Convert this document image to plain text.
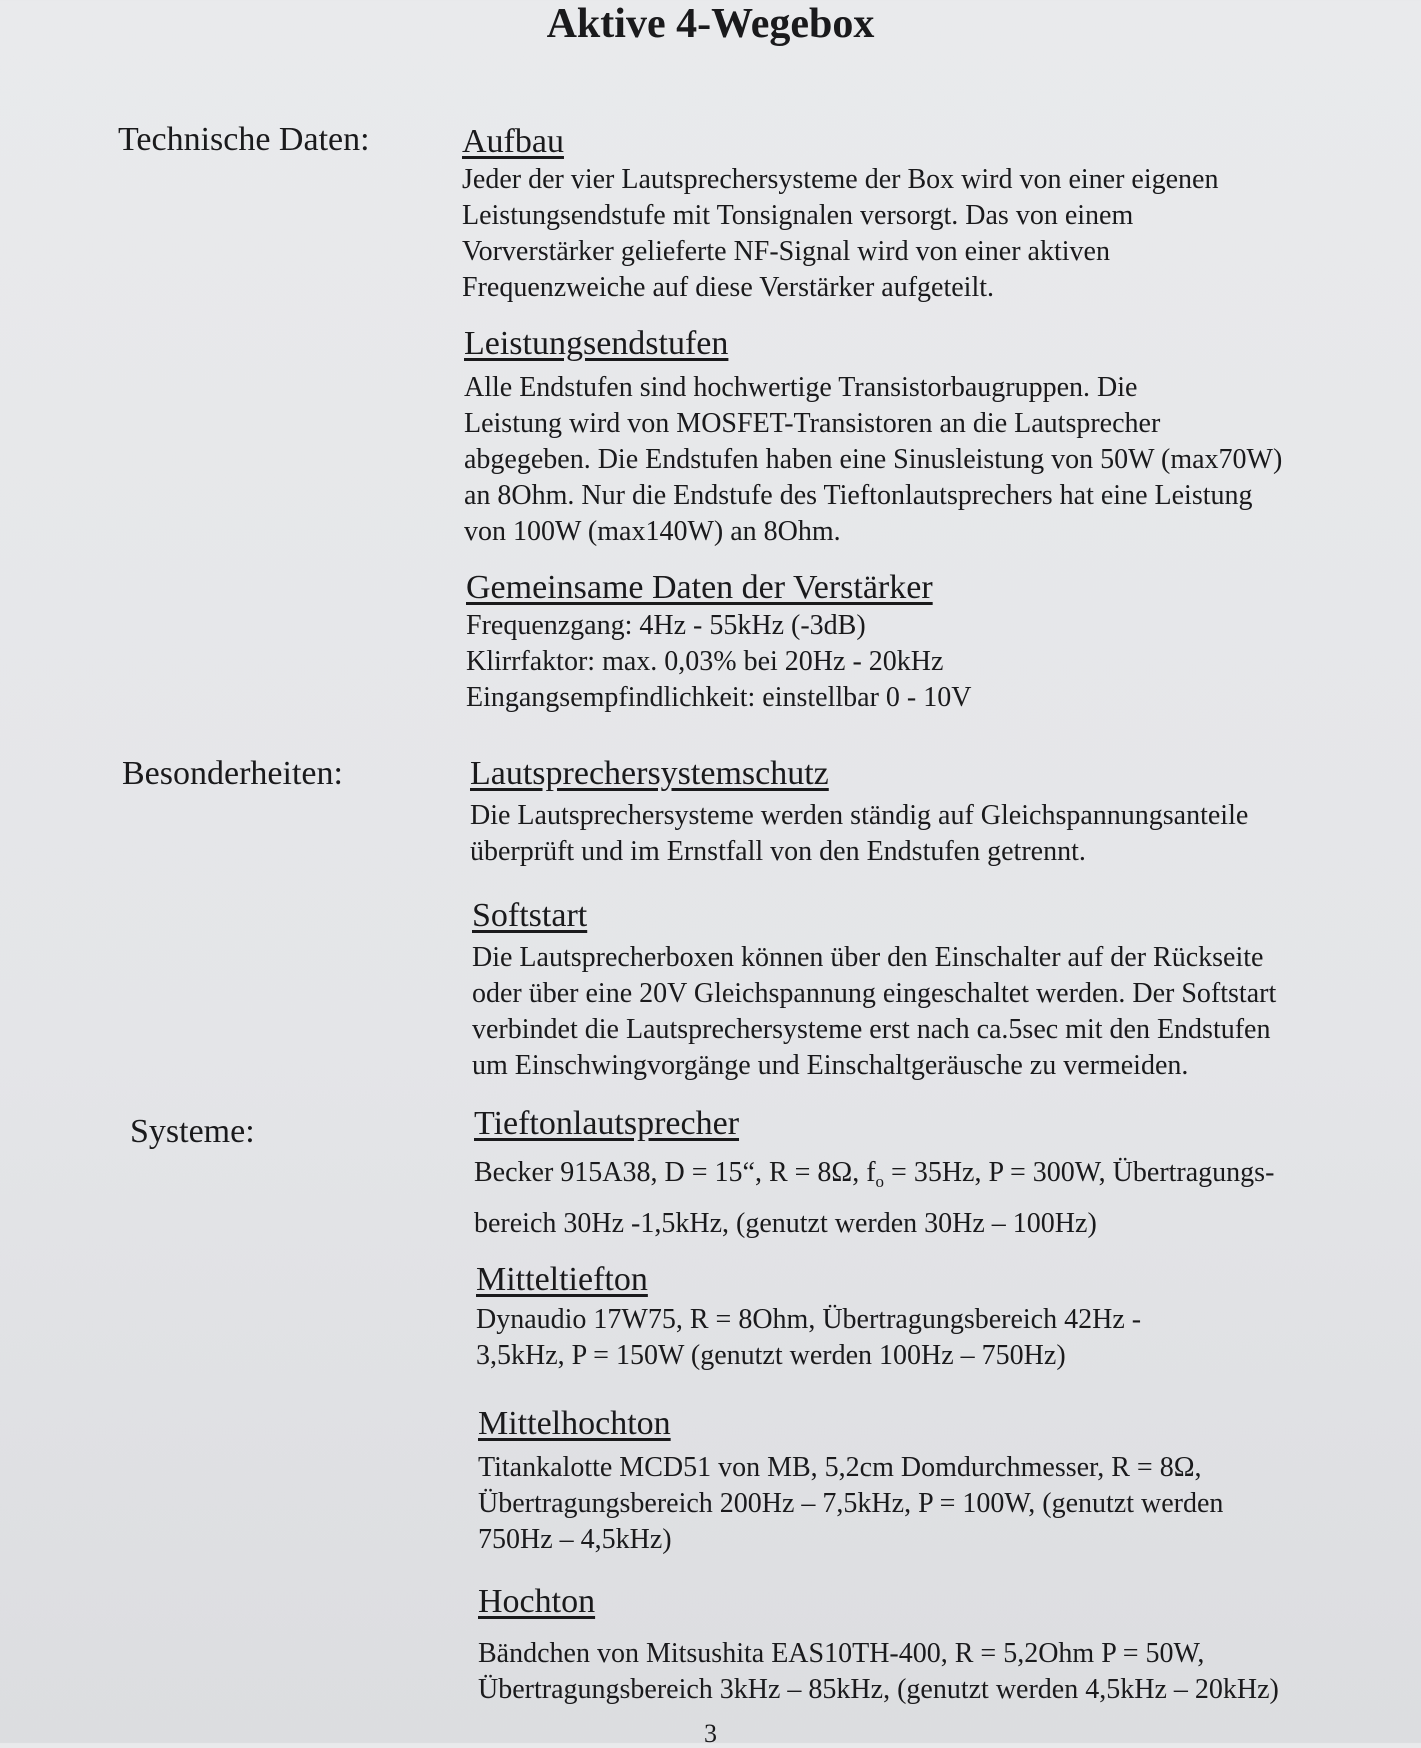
Aktive 4-Wegebox
Technische Daten:
Besonderheiten:
Systeme:
Aufbau

Jeder der vier Lautsprechersysteme der Box wird von einer eigenen

Leistungsendstufe mit Tonsignalen versorgt. Das von einem

Vorverstärker gelieferte NF-Signal wird von einer aktiven

Frequenzweiche auf diese Verstärker aufgeteilt.

Leistungsendstufen

Alle Endstufen sind hochwertige Transistorbaugruppen. Die

Leistung wird von MOSFET-Transistoren an die Lautsprecher

abgegeben. Die Endstufen haben eine Sinusleistung von 50W (max70W)

an 8Ohm. Nur die Endstufe des Tieftonlautsprechers hat eine Leistung

von 100W (max140W) an 8Ohm.

Gemeinsame Daten der Verstärker

Frequenzgang: 4Hz - 55kHz (-3dB)

Klirrfaktor: max. 0,03% bei 20Hz - 20kHz

Eingangsempfindlichkeit: einstellbar 0 - 10V

Lautsprechersystemschutz

Die Lautsprechersysteme werden ständig auf Gleichspannungsanteile

überprüft und im Ernstfall von den Endstufen getrennt.

Softstart

Die Lautsprecherboxen können über den Einschalter auf der Rückseite

oder über eine 20V Gleichspannung eingeschaltet werden. Der Softstart

verbindet die Lautsprechersysteme erst nach ca.5sec mit den Endstufen

um Einschwingvorgänge und Einschaltgeräusche zu vermeiden.

Tieftonlautsprecher

Becker 915A38, D = 15“, R = 8Ω, $f_o = 35Hz$, P = 300W, Übertragungs-

bereich 30Hz -1,5kHz, (genutzt werden 30Hz – 100Hz)

Mitteltiefton

Dynaudio 17W75, R = 8Ohm, Übertragungsbereich 42Hz -

3,5kHz, P = 150W (genutzt werden 100Hz – 750Hz)

Mittelhochton

Titankalotte MCD51 von MB, 5,2cm Domdurchmesser, R = 8Ω,

Übertragungsbereich 200Hz – 7,5kHz, P = 100W, (genutzt werden

750Hz – 4,5kHz)

Hochton

Bändchen von Mitsushita EAS10TH-400, R = 5,2Ohm P = 50W,

Übertragungsbereich 3kHz – 85kHz, (genutzt werden 4,5kHz – 20kHz)

3
